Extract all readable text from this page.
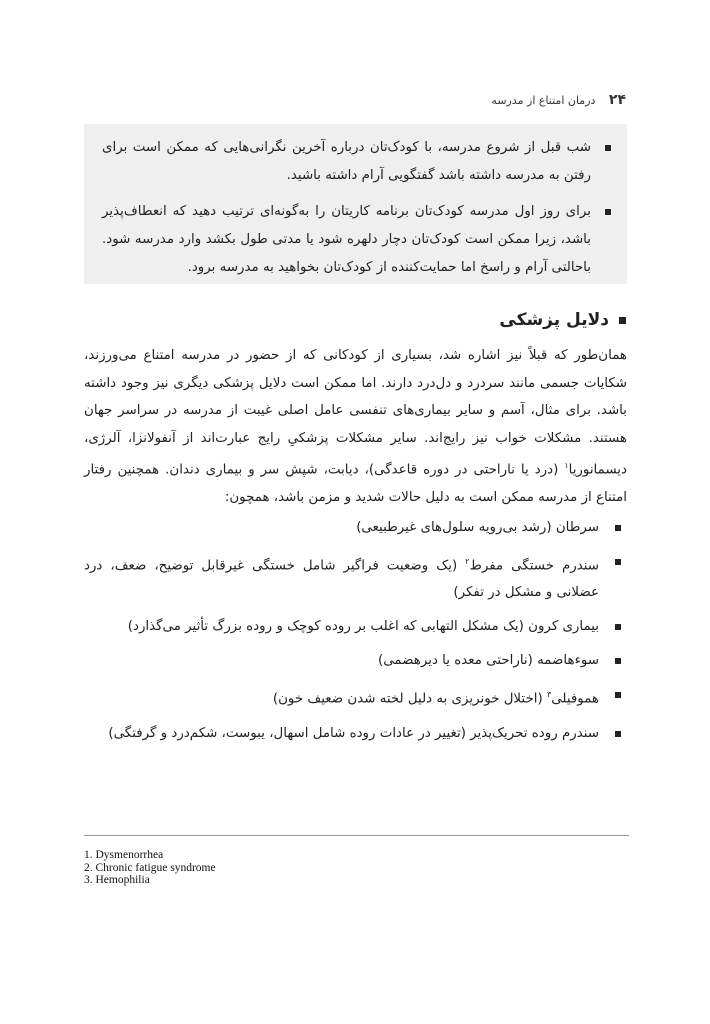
۲۴ درمان امتناع از مدرسه
شب قبل از شروع مدرسه، با کودک‌تان درباره آخرین نگرانی‌هایی که ممکن است برای رفتن به مدرسه داشته باشد گفتگویی آرام داشته باشید.
برای روز اول مدرسه کودک‌تان برنامه کاریتان را به‌گونه‌ای ترتیب دهید که انعطاف‌پذیر باشد، زیرا ممکن است کودک‌تان دچار دلهره شود یا مدتی طول بکشد وارد مدرسه شود. باحالتی آرام و راسخ اما حمایت‌کننده از کودک‌تان بخواهید به مدرسه برود.
دلایل پزشکی

همان‌طور که قبلاً نیز اشاره شد، بسیاری از کودکانی که از حضور در مدرسه امتناع می‌ورزند، شکایات جسمی مانند سردرد و دل‌درد دارند. اما ممکن است دلایل پزشکی دیگری نیز وجود داشته باشد. برای مثال، آسم و سایر بیماری‌های تنفسی عامل اصلی غیبت از مدرسه در سراسر جهان هستند. مشکلات خواب نیز رایج‌اند. سایر مشکلات پزشکیِ رایج عبارت‌اند از آنفولانزا، آلرژی، دیسمانوریا$^۱$ (درد یا ناراحتی در دوره قاعدگی)، دیابت، شپش سر و بیماری دندان. همچنین رفتار امتناع از مدرسه ممکن است به دلیل حالات شدید و مزمن باشد، همچون:

سرطان (رشد بی‌رویه سلول‌های غیرطبیعی)
سندرم خستگی مفرط$^۲$ (یک وضعیت فراگیر شامل خستگی غیرقابل توضیح، ضعف، درد عضلانی و مشکل در تفکر)
بیماری کرون (یک مشکل التهابی که اغلب بر روده کوچک و روده بزرگ تأثیر می‌گذارد)
سوءهاضمه (ناراحتی معده یا دیرهضمی)
هموفیلی$^۳$ (اختلال خونریزی به دلیل لخته شدن ضعیف خون)
سندرم روده تحریک‌پذیر (تغییر در عادات روده شامل اسهال، یبوست، شکم‌درد و گرفتگی)
1. Dysmenorrhea
2. Chronic fatigue syndrome
3. Hemophilia
